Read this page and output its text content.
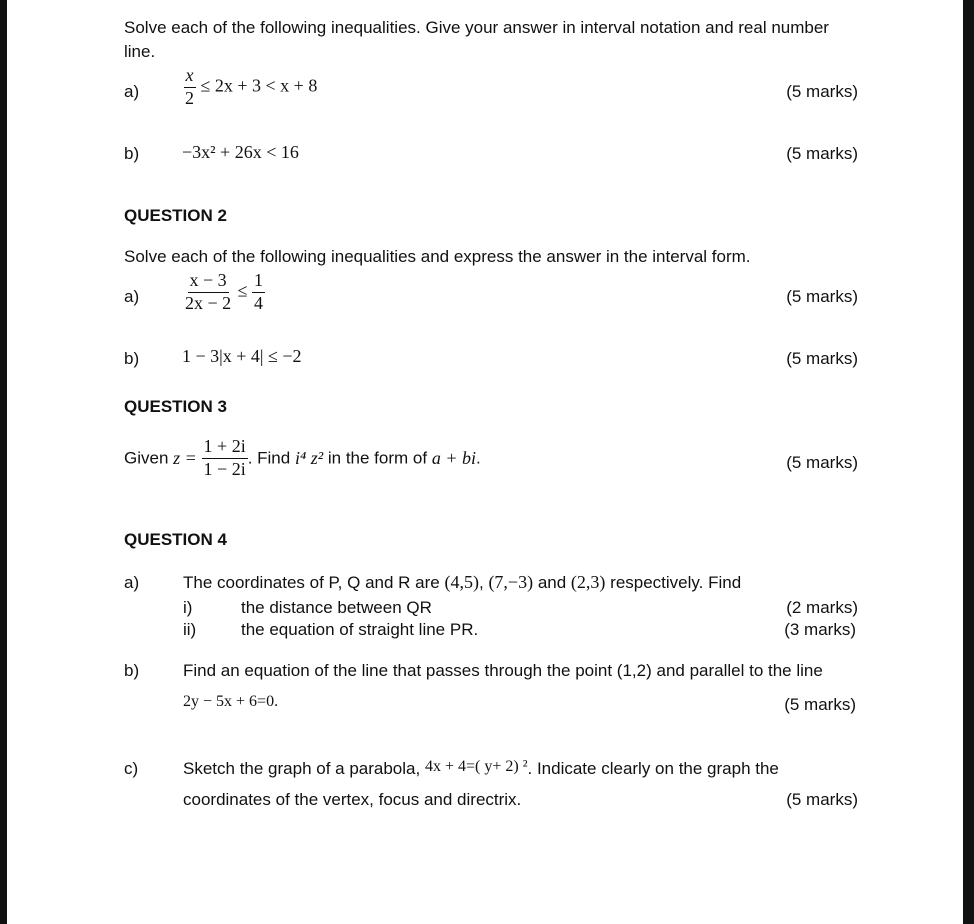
Solve each of the following inequalities. Give your answer in interval notation and real number
line.
$a) \frac{x}{2} \le 2x + 3 < x + 8$	(5 marks)
b) −3x² + 26x < 16	(5 marks)
QUESTION 2
Solve each of the following inequalities and express the answer in the interval form.
$a) \frac{x - 3}{2x - 2} \le \frac{1}{4}$	(5 marks)
b) 1 − 3|x + 4| ≤ −2	(5 marks)
QUESTION 3
Given $z = \frac{1 + 2i}{1 - 2i}$ . Find i⁴ z² in the form of a + bi.	(5 marks)
QUESTION 4
a)	The coordinates of P, Q and R are (4,5), (7,−3) and (2,3) respectively. Find
i)	the distance between QR	(2 marks)
ii)	the equation of straight line PR.	(3 marks)
b)	Find an equation of the line that passes through the point (1,2) and parallel to the line
2y − 5x + 6=0.	(5 marks)
c)	Sketch the graph of a parabola, 4x + 4=( y+ 2) ². Indicate clearly on the graph the
coordinates of the vertex, focus and directrix.	(5 marks)
